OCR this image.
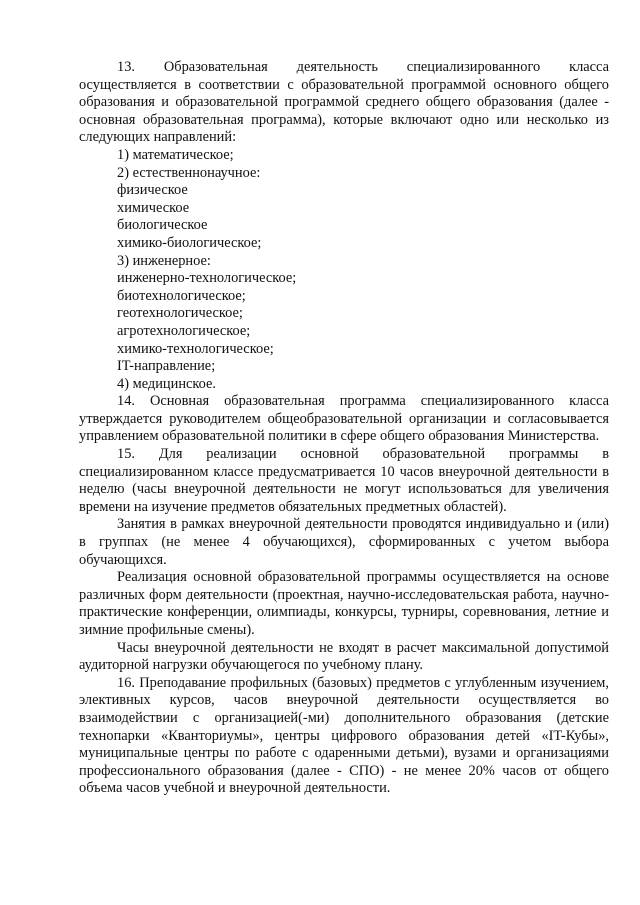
13. Образовательная деятельность специализированного класса осуществляется в соответствии с образовательной программой основного общего образования и образовательной программой среднего общего образования (далее - основная образовательная программа), которые включают одно или несколько из следующих направлений:

1) математическое;

2) естественнонаучное:

физическое

химическое

биологическое

химико-биологическое;

3) инженерное:

инженерно-технологическое;

биотехнологическое;

геотехнологическое;

агротехнологическое;

химико-технологическое;

IT-направление;

4) медицинское.

14. Основная образовательная программа специализированного класса утверждается руководителем общеобразовательной организации и согласовывается управлением образовательной политики в сфере общего образования Министерства.

15. Для реализации основной образовательной программы в специализированном классе предусматривается 10 часов внеурочной деятельности в неделю (часы внеурочной деятельности не могут использоваться для увеличения времени на изучение предметов обязательных предметных областей).

Занятия в рамках внеурочной деятельности проводятся индивидуально и (или) в группах (не менее 4 обучающихся), сформированных с учетом выбора обучающихся.

Реализация основной образовательной программы осуществляется на основе различных форм деятельности (проектная, научно-исследовательская работа, научно-практические конференции, олимпиады, конкурсы, турниры, соревнования, летние и зимние профильные смены).

Часы внеурочной деятельности не входят в расчет максимальной допустимой аудиторной нагрузки обучающегося по учебному плану.

16. Преподавание профильных (базовых) предметов с углубленным изучением, элективных курсов, часов внеурочной деятельности осуществляется во взаимодействии с организацией(-ми) дополнительного образования (детские технопарки «Кванториумы», центры цифрового образования детей «IT-Кубы», муниципальные центры по работе с одаренными детьми), вузами и организациями профессионального образования (далее - СПО) - не менее 20% часов от общего объема часов учебной и внеурочной деятельности.
